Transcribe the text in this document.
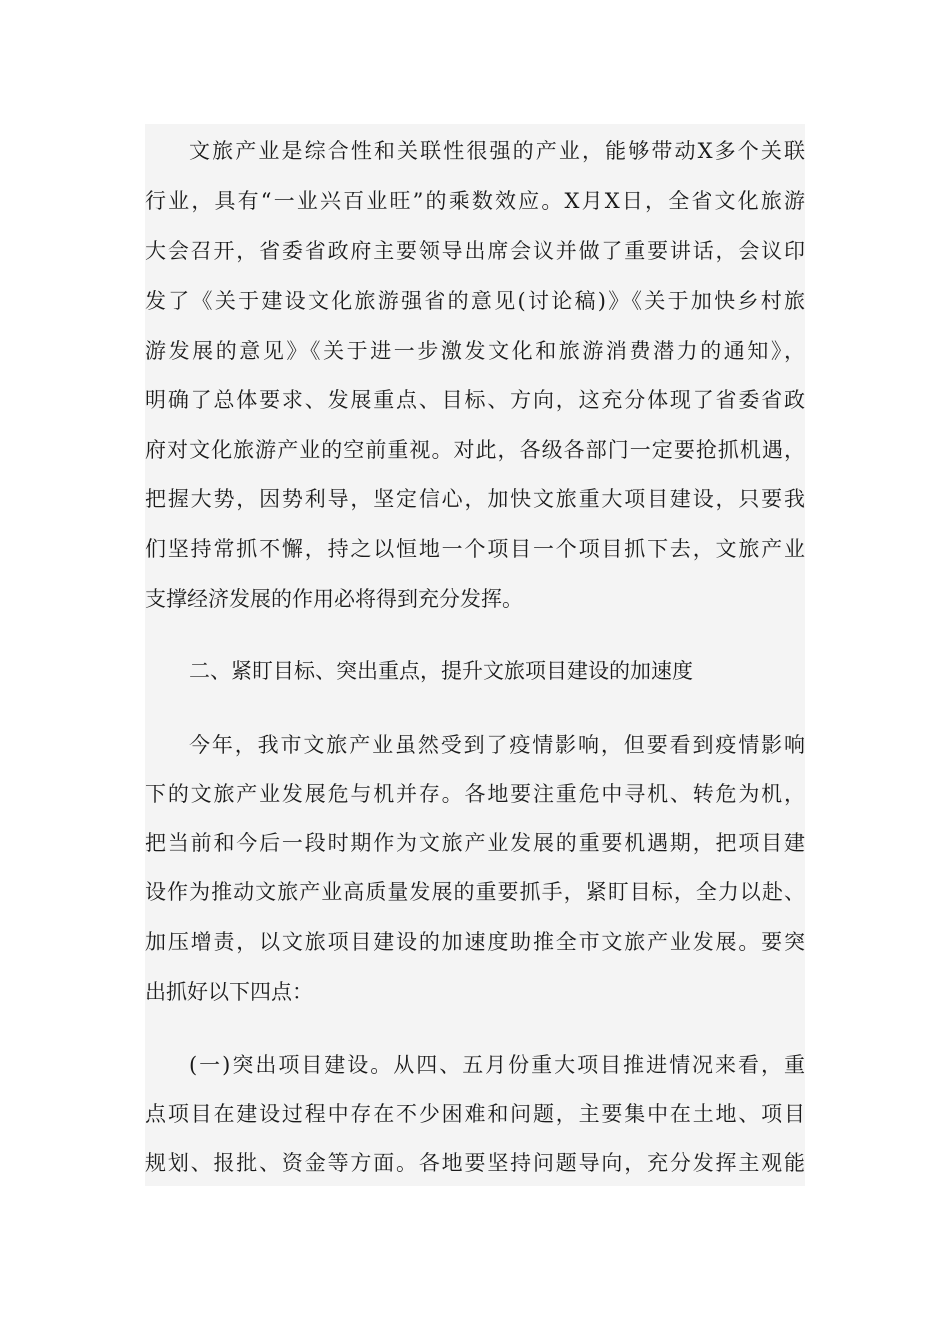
文旅产业是综合性和关联性很强的产业，能够带动X多个关联
行业，具有“一业兴百业旺”的乘数效应。X月X日，全省文化旅游
大会召开，省委省政府主要领导出席会议并做了重要讲话，会议印
发了《关于建设文化旅游强省的意见(讨论稿)》《关于加快乡村旅
游发展的意见》《关于进一步激发文化和旅游消费潜力的通知》，
明确了总体要求、发展重点、目标、方向，这充分体现了省委省政
府对文化旅游产业的空前重视。对此，各级各部门一定要抢抓机遇，
把握大势，因势利导，坚定信心，加快文旅重大项目建设，只要我
们坚持常抓不懈，持之以恒地一个项目一个项目抓下去，文旅产业
支撑经济发展的作用必将得到充分发挥。
二、紧盯目标、突出重点，提升文旅项目建设的加速度
今年，我市文旅产业虽然受到了疫情影响，但要看到疫情影响
下的文旅产业发展危与机并存。各地要注重危中寻机、转危为机，
把当前和今后一段时期作为文旅产业发展的重要机遇期，把项目建
设作为推动文旅产业高质量发展的重要抓手，紧盯目标，全力以赴、
加压增责，以文旅项目建设的加速度助推全市文旅产业发展。要突
出抓好以下四点：
(一)突出项目建设。从四、五月份重大项目推进情况来看，重
点项目在建设过程中存在不少困难和问题，主要集中在土地、项目
规划、报批、资金等方面。各地要坚持问题导向，充分发挥主观能
